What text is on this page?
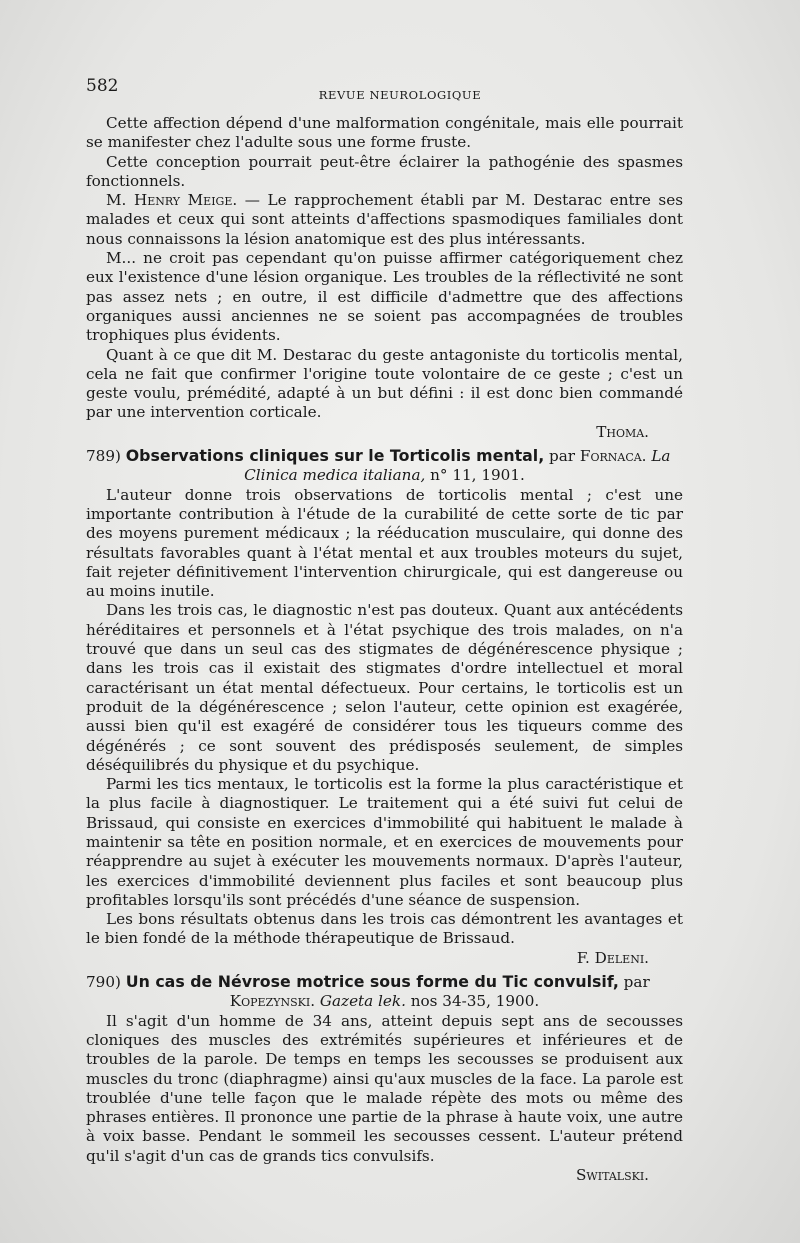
582	REVUE NEUROLOGIQUE

Cette affection dépend d'une malformation congénitale, mais elle pourrait se manifester chez l'adulte sous une forme fruste.

Cette conception pourrait peut-être éclairer la pathogénie des spasmes fonctionnels.

M. Henry Meige. — Le rapprochement établi par M. Destarac entre ses malades et ceux qui sont atteints d'affections spasmodiques familiales dont nous connaissons la lésion anatomique est des plus intéressants.

M... ne croit pas cependant qu'on puisse affirmer catégoriquement chez eux l'existence d'une lésion organique. Les troubles de la réflectivité ne sont pas assez nets ; en outre, il est difficile d'admettre que des affections organiques aussi anciennes ne se soient pas accompagnées de troubles trophiques plus évidents.

Quant à ce que dit M. Destarac du geste antagoniste du torticolis mental, cela ne fait que confirmer l'origine toute volontaire de ce geste ; c'est un geste voulu, prémédité, adapté à un but défini : il est donc bien commandé par une intervention corticale.

Thoma.

789) Observations cliniques sur le Torticolis mental, par Fornaca. La

Clinica medica italiana, n° 11, 1901.

L'auteur donne trois observations de torticolis mental ; c'est une importante contribution à l'étude de la curabilité de cette sorte de tic par des moyens purement médicaux ; la rééducation musculaire, qui donne des résultats favorables quant à l'état mental et aux troubles moteurs du sujet, fait rejeter définitivement l'intervention chirurgicale, qui est dangereuse ou au moins inutile.

Dans les trois cas, le diagnostic n'est pas douteux. Quant aux antécédents héréditaires et personnels et à l'état psychique des trois malades, on n'a trouvé que dans un seul cas des stigmates de dégénérescence physique ; dans les trois cas il existait des stigmates d'ordre intellectuel et moral caractérisant un état mental défectueux. Pour certains, le torticolis est un produit de la dégénérescence ; selon l'auteur, cette opinion est exagérée, aussi bien qu'il est exagéré de considérer tous les tiqueurs comme des dégénérés ; ce sont souvent des prédisposés seulement, de simples déséquilibrés du physique et du psychique.

Parmi les tics mentaux, le torticolis est la forme la plus caractéristique et la plus facile à diagnostiquer. Le traitement qui a été suivi fut celui de Brissaud, qui consiste en exercices d'immobilité qui habituent le malade à maintenir sa tête en position normale, et en exercices de mouvements pour réapprendre au sujet à exécuter les mouvements normaux. D'après l'auteur, les exercices d'immobilité deviennent plus faciles et sont beaucoup plus profitables lorsqu'ils sont précédés d'une séance de suspension.

Les bons résultats obtenus dans les trois cas démontrent les avantages et le bien fondé de la méthode thérapeutique de Brissaud.

F. Deleni.

790) Un cas de Névrose motrice sous forme du Tic convulsif, par

Kopezynski. Gazeta lek. nos 34-35, 1900.

Il s'agit d'un homme de 34 ans, atteint depuis sept ans de secousses cloniques des muscles des extrémités supérieures et inférieures et de troubles de la parole. De temps en temps les secousses se produisent aux muscles du tronc (diaphragme) ainsi qu'aux muscles de la face. La parole est troublée d'une telle façon que le malade répète des mots ou même des phrases entières. Il prononce une partie de la phrase à haute voix, une autre à voix basse. Pendant le sommeil les secousses cessent. L'auteur prétend qu'il s'agit d'un cas de grands tics convulsifs.

Switalski.
